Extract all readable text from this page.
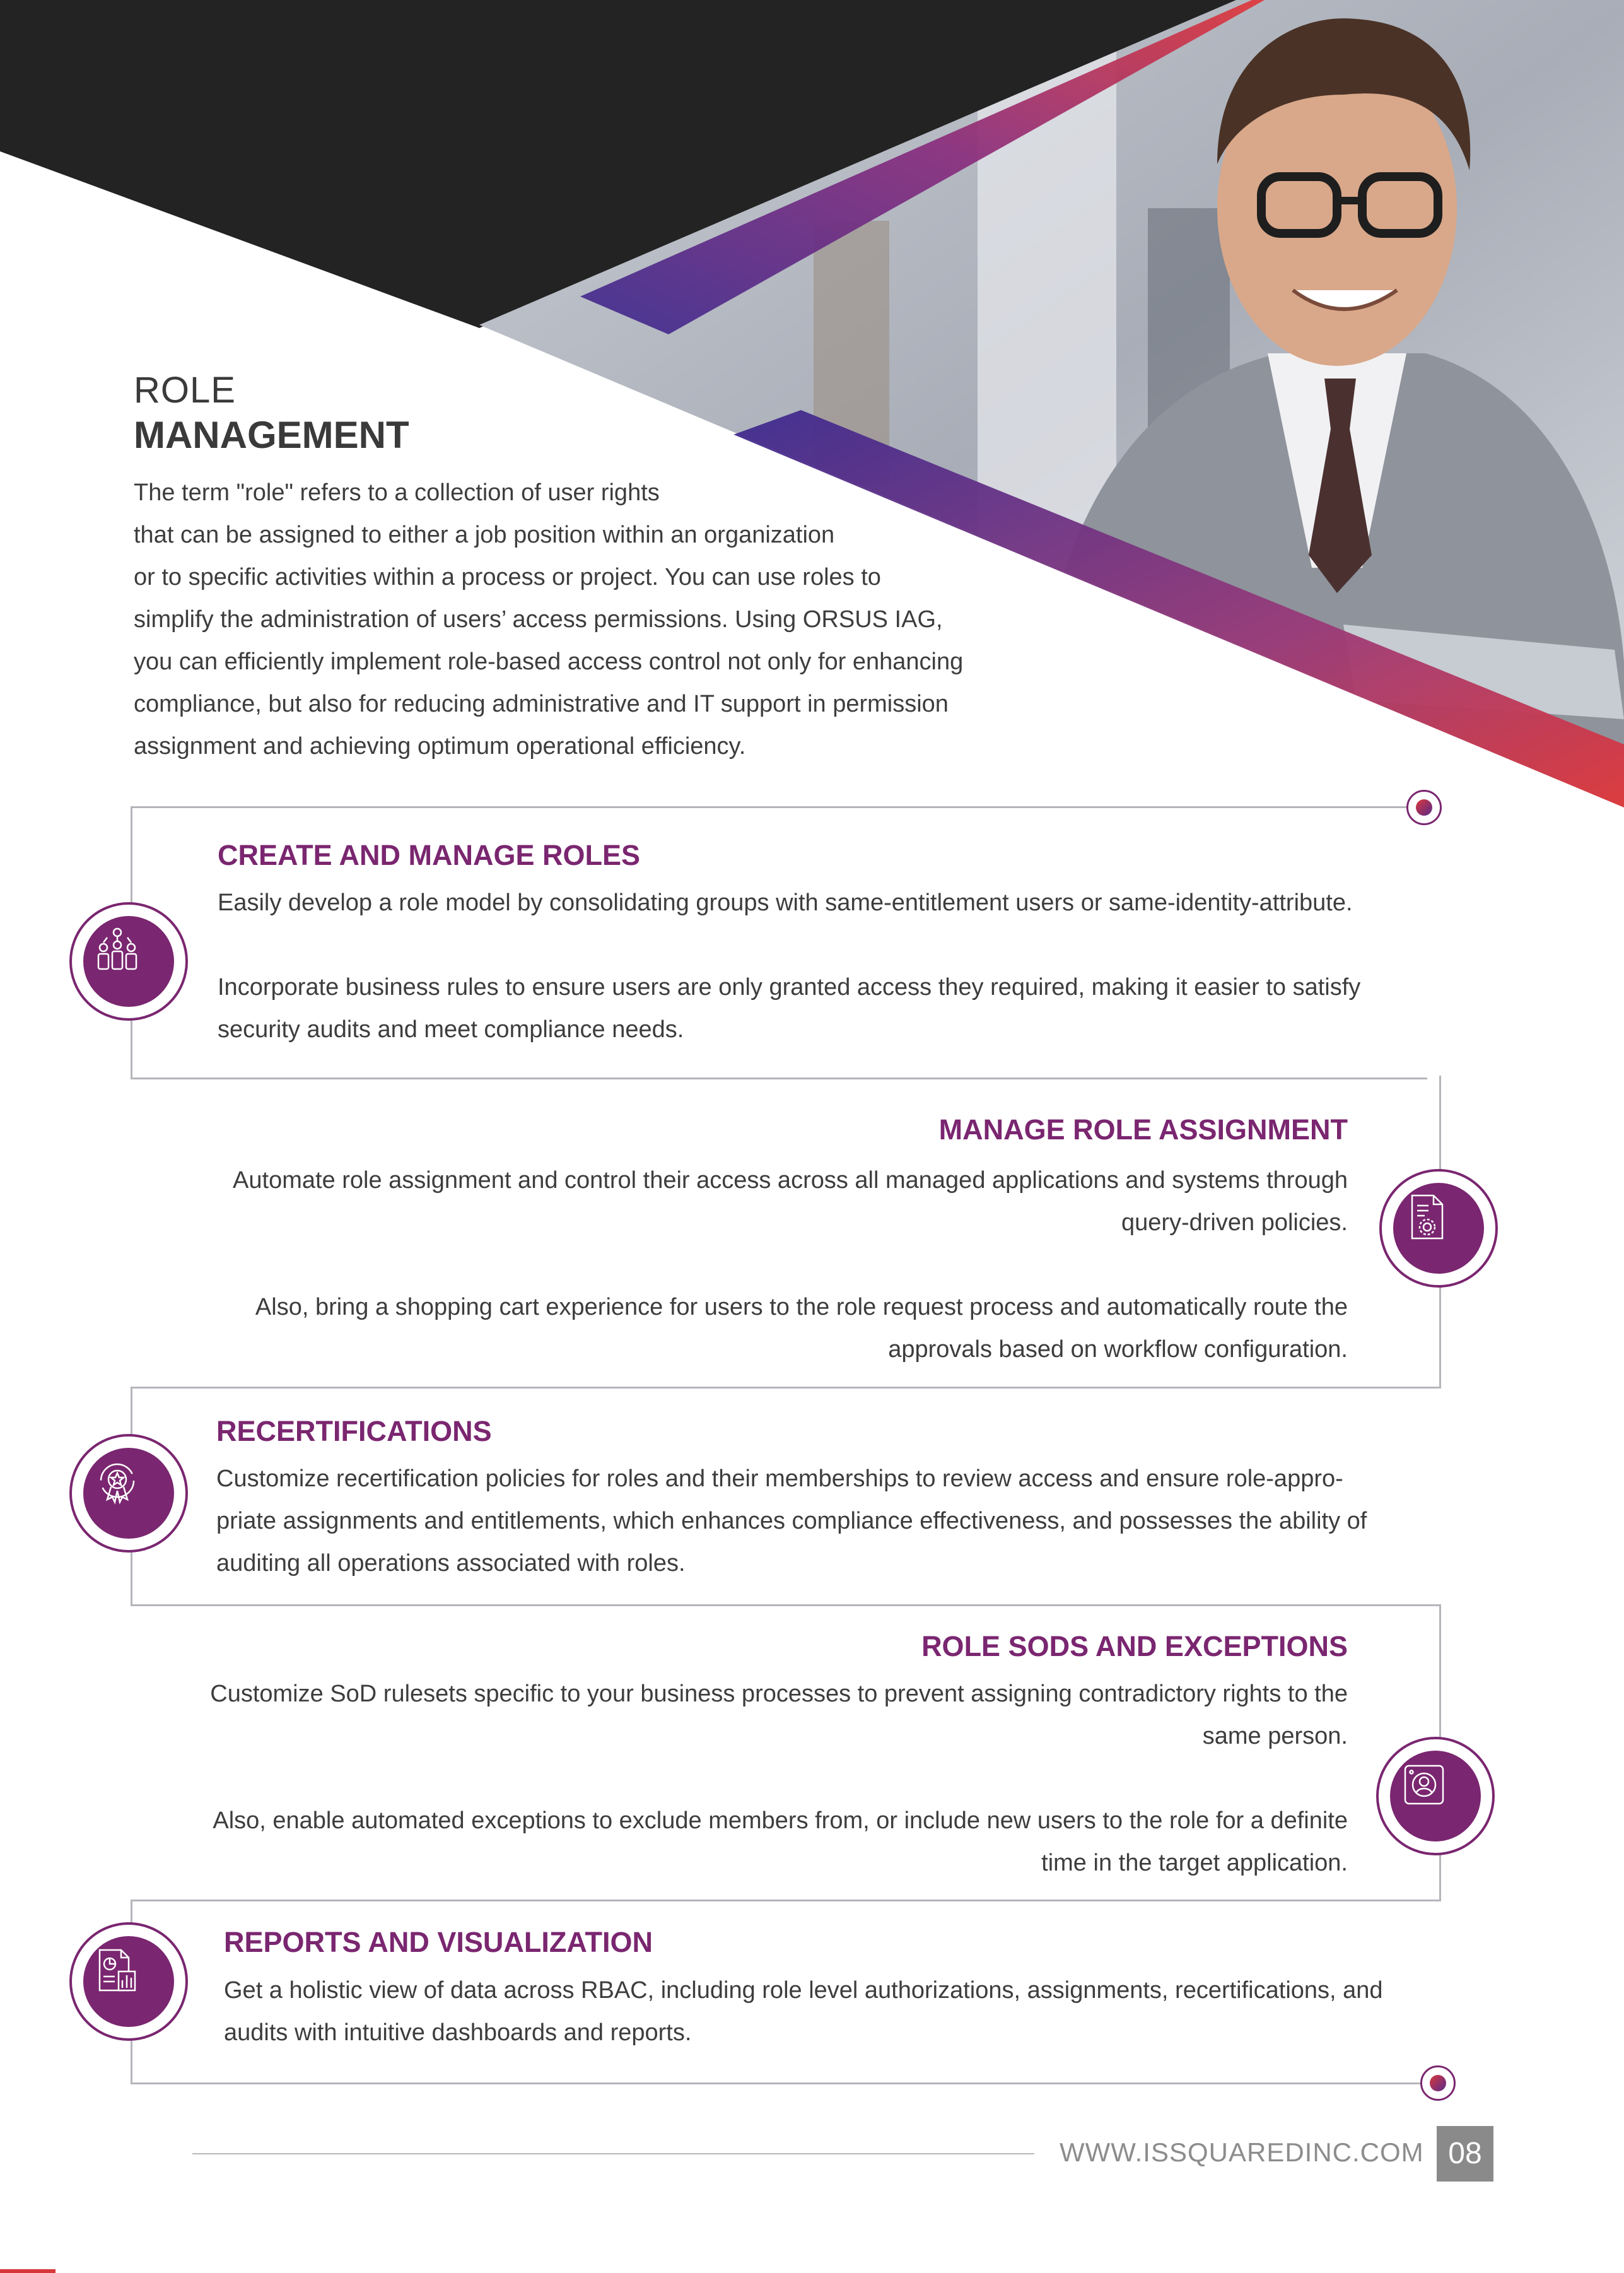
ROLE
MANAGEMENT
The term "role" refers to a collection of user rights
that can be assigned to either a job position within an organization
or to specific activities within a process or project. You can use roles to
simplify the administration of users’ access permissions. Using ORSUS IAG,
you can efficiently implement role-based access control not only for enhancing
compliance, but also for reducing administrative and IT support in permission
assignment and achieving optimum operational efficiency.
CREATE AND MANAGE ROLES
Easily develop a role model by consolidating groups with same-entitlement users or same-identity-attribute.
Incorporate business rules to ensure users are only granted access they required, making it easier to satisfy
security audits and meet compliance needs.
MANAGE ROLE ASSIGNMENT
Automate role assignment and control their access across all managed applications and systems through
query-driven policies.
Also, bring a shopping cart experience for users to the role request process and automatically route the
approvals based on workflow configuration.
RECERTIFICATIONS
Customize recertification policies for roles and their memberships to review access and ensure role-appro-
priate assignments and entitlements, which enhances compliance effectiveness, and possesses the ability of
auditing all operations associated with roles.
ROLE SODS AND EXCEPTIONS
Customize SoD rulesets specific to your business processes to prevent assigning contradictory rights to the
same person.
Also, enable automated exceptions to exclude members from, or include new users to the role for a definite
time in the target application.
REPORTS AND VISUALIZATION
Get a holistic view of data across RBAC, including role level authorizations, assignments, recertifications, and
audits with intuitive dashboards and reports.
WWW.ISSQUAREDINC.COM 08
